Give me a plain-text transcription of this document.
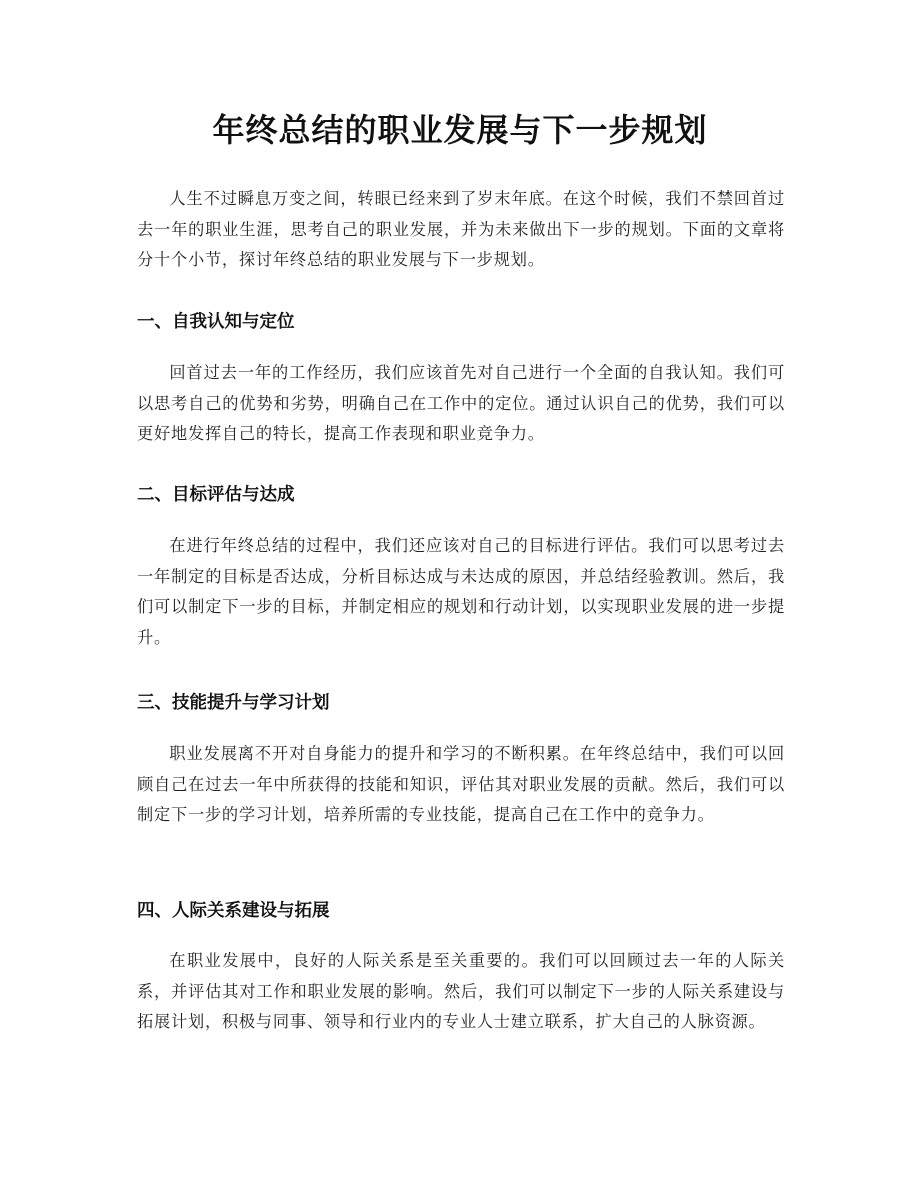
年终总结的职业发展与下一步规划

人生不过瞬息万变之间，转眼已经来到了岁末年底。在这个时候，我们不禁回首过去一年的职业生涯，思考自己的职业发展，并为未来做出下一步的规划。下面的文章将分十个小节，探讨年终总结的职业发展与下一步规划。

一、自我认知与定位

回首过去一年的工作经历，我们应该首先对自己进行一个全面的自我认知。我们可以思考自己的优势和劣势，明确自己在工作中的定位。通过认识自己的优势，我们可以更好地发挥自己的特长，提高工作表现和职业竞争力。

二、目标评估与达成

在进行年终总结的过程中，我们还应该对自己的目标进行评估。我们可以思考过去一年制定的目标是否达成，分析目标达成与未达成的原因，并总结经验教训。然后，我们可以制定下一步的目标，并制定相应的规划和行动计划，以实现职业发展的进一步提升。

三、技能提升与学习计划

职业发展离不开对自身能力的提升和学习的不断积累。在年终总结中，我们可以回顾自己在过去一年中所获得的技能和知识，评估其对职业发展的贡献。然后，我们可以制定下一步的学习计划，培养所需的专业技能，提高自己在工作中的竞争力。

四、人际关系建设与拓展

在职业发展中，良好的人际关系是至关重要的。我们可以回顾过去一年的人际关系，并评估其对工作和职业发展的影响。然后，我们可以制定下一步的人际关系建设与拓展计划，积极与同事、领导和行业内的专业人士建立联系，扩大自己的人脉资源。
